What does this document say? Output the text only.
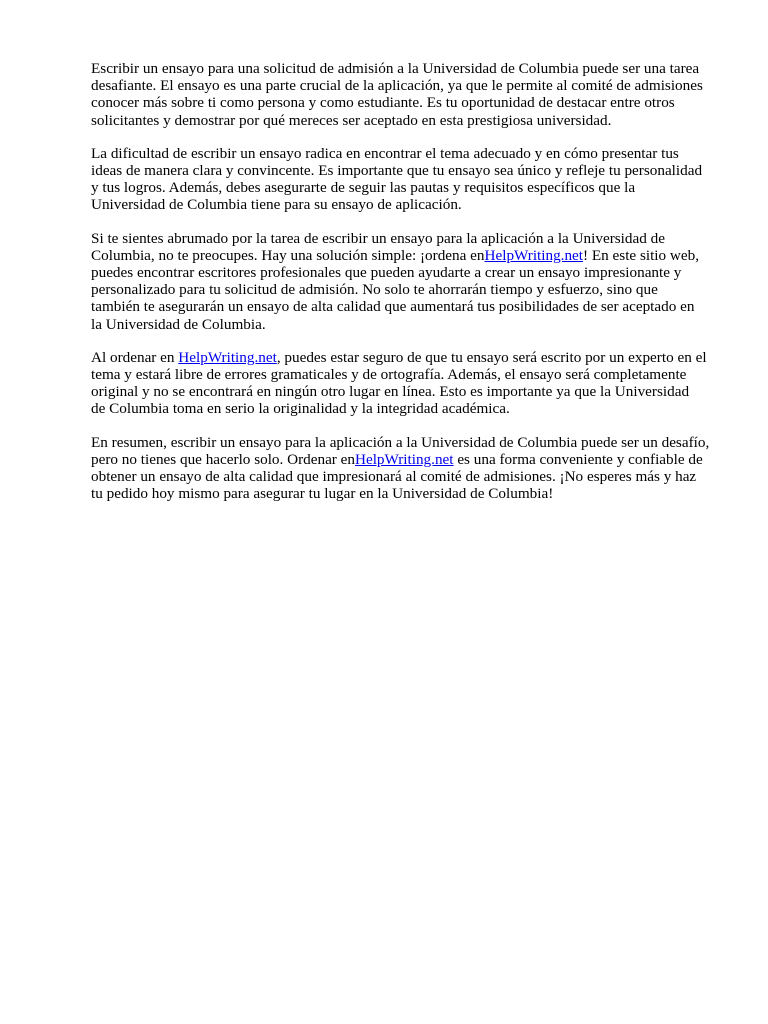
Escribir un ensayo para una solicitud de admisión a la Universidad de Columbia puede ser una tarea
desafiante. El ensayo es una parte crucial de la aplicación, ya que le permite al comité de admisiones
conocer más sobre ti como persona y como estudiante. Es tu oportunidad de destacar entre otros
solicitantes y demostrar por qué mereces ser aceptado en esta prestigiosa universidad.

La dificultad de escribir un ensayo radica en encontrar el tema adecuado y en cómo presentar tus
ideas de manera clara y convincente. Es importante que tu ensayo sea único y refleje tu personalidad
y tus logros. Además, debes asegurarte de seguir las pautas y requisitos específicos que la
Universidad de Columbia tiene para su ensayo de aplicación.

Si te sientes abrumado por la tarea de escribir un ensayo para la aplicación a la Universidad de
Columbia, no te preocupes. Hay una solución simple: ¡ordena enHelpWriting.net! En este sitio web,
puedes encontrar escritores profesionales que pueden ayudarte a crear un ensayo impresionante y
personalizado para tu solicitud de admisión. No solo te ahorrarán tiempo y esfuerzo, sino que
también te asegurarán un ensayo de alta calidad que aumentará tus posibilidades de ser aceptado en
la Universidad de Columbia.

Al ordenar en HelpWriting.net, puedes estar seguro de que tu ensayo será escrito por un experto en el
tema y estará libre de errores gramaticales y de ortografía. Además, el ensayo será completamente
original y no se encontrará en ningún otro lugar en línea. Esto es importante ya que la Universidad
de Columbia toma en serio la originalidad y la integridad académica.

En resumen, escribir un ensayo para la aplicación a la Universidad de Columbia puede ser un desafío,
pero no tienes que hacerlo solo. Ordenar enHelpWriting.net es una forma conveniente y confiable de
obtener un ensayo de alta calidad que impresionará al comité de admisiones. ¡No esperes más y haz
tu pedido hoy mismo para asegurar tu lugar en la Universidad de Columbia!
